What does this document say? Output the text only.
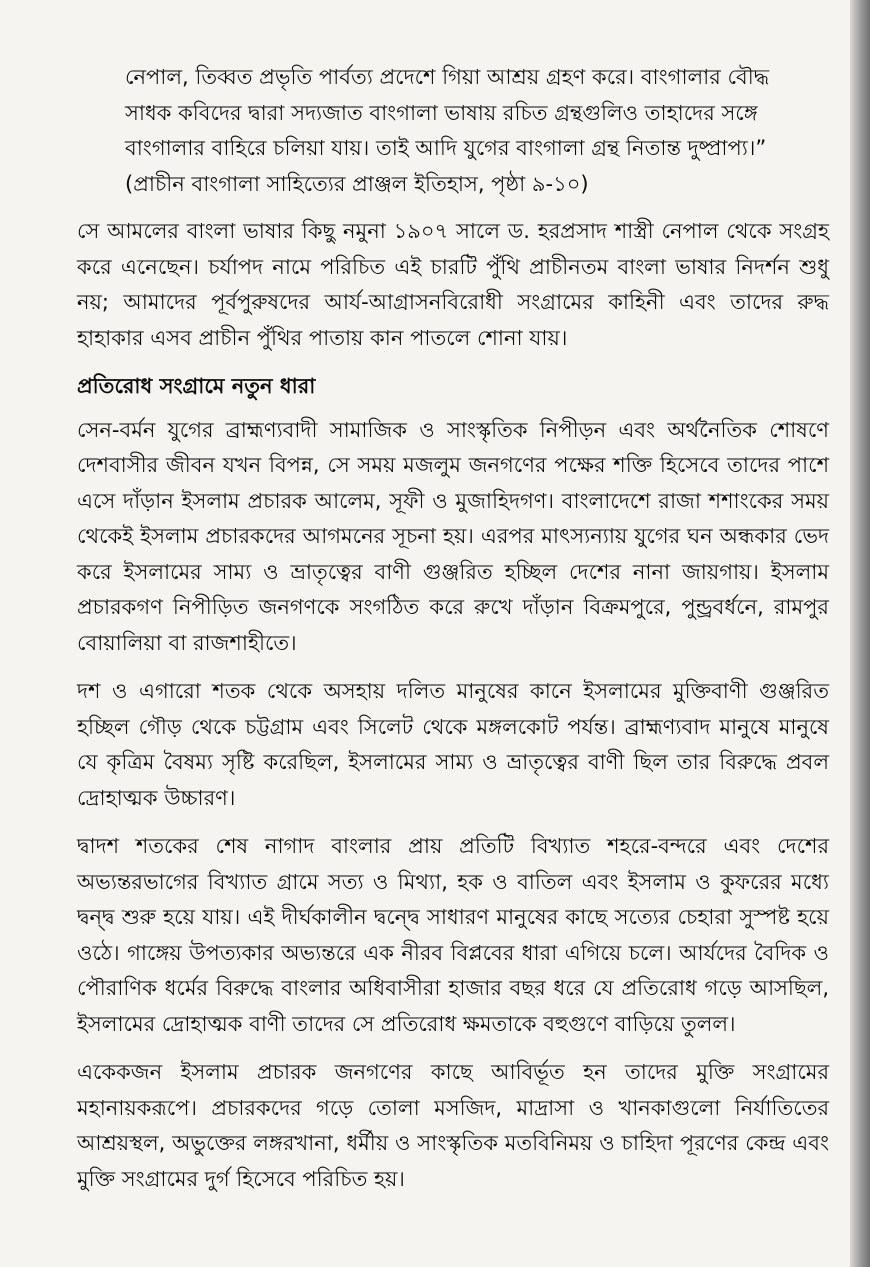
নেপাল, তিব্বত প্রভৃতি পার্বত্য প্রদেশে গিয়া আশ্রয় গ্রহণ করে। বাংগালার বৌদ্ধ
সাধক কবিদের দ্বারা সদ্যজাত বাংগালা ভাষায় রচিত গ্রন্থগুলিও তাহাদের সঙ্গে
বাংগালার বাহিরে চলিয়া যায়। তাই আদি যুগের বাংগালা গ্রন্থ নিতান্ত দুষ্প্রাপ্য।”
(প্রাচীন বাংগালা সাহিত্যের প্রাঞ্জল ইতিহাস, পৃষ্ঠা ৯-১০)

সে আমলের বাংলা ভাষার কিছু নমুনা ১৯০৭ সালে ড. হরপ্রসাদ শাস্ত্রী নেপাল থেকে সংগ্রহ করে এনেছেন। চর্যাপদ নামে পরিচিত এই চারটি পুঁথি প্রাচীনতম বাংলা ভাষার নিদর্শন শুধু নয়; আমাদের পূর্বপুরুষদের আর্য-আগ্রাসনবিরোধী সংগ্রামের কাহিনী এবং তাদের রুদ্ধ হাহাকার এসব প্রাচীন পুঁথির পাতায় কান পাতলে শোনা যায়।

প্রতিরোধ সংগ্রামে নতুন ধারা

সেন-বর্মন যুগের ব্রাহ্মণ্যবাদী সামাজিক ও সাংস্কৃতিক নিপীড়ন এবং অর্থনৈতিক শোষণে দেশবাসীর জীবন যখন বিপন্ন, সে সময় মজলুম জনগণের পক্ষের শক্তি হিসেবে তাদের পাশে এসে দাঁড়ান ইসলাম প্রচারক আলেম, সূফী ও মুজাহিদগণ। বাংলাদেশে রাজা শশাংকের সময় থেকেই ইসলাম প্রচারকদের আগমনের সূচনা হয়। এরপর মাৎস্যন্যায় যুগের ঘন অন্ধকার ভেদ করে ইসলামের সাম্য ও ভ্রাতৃত্বের বাণী গুঞ্জরিত হচ্ছিল দেশের নানা জায়গায়। ইসলাম প্রচারকগণ নিপীড়িত জনগণকে সংগঠিত করে রুখে দাঁড়ান বিক্রমপুরে, পুন্ড্রবর্ধনে, রামপুর বোয়ালিয়া বা রাজশাহীতে।

দশ ও এগারো শতক থেকে অসহায় দলিত মানুষের কানে ইসলামের মুক্তিবাণী গুঞ্জরিত হচ্ছিল গৌড় থেকে চট্টগ্রাম এবং সিলেট থেকে মঙ্গলকোট পর্যন্ত। ব্রাহ্মণ্যবাদ মানুষে মানুষে যে কৃত্রিম বৈষম্য সৃষ্টি করেছিল, ইসলামের সাম্য ও ভ্রাতৃত্বের বাণী ছিল তার বিরুদ্ধে প্রবল দ্রোহাত্মক উচ্চারণ।

দ্বাদশ শতকের শেষ নাগাদ বাংলার প্রায় প্রতিটি বিখ্যাত শহরে-বন্দরে এবং দেশের অভ্যন্তরভাগের বিখ্যাত গ্রামে সত্য ও মিথ্যা, হক ও বাতিল এবং ইসলাম ও কুফরের মধ্যে দ্বন্দ্ব শুরু হয়ে যায়। এই দীর্ঘকালীন দ্বন্দ্বে সাধারণ মানুষের কাছে সত্যের চেহারা সুস্পষ্ট হয়ে ওঠে। গাঙ্গেয় উপত্যকার অভ্যন্তরে এক নীরব বিপ্লবের ধারা এগিয়ে চলে। আর্যদের বৈদিক ও পৌরাণিক ধর্মের বিরুদ্ধে বাংলার অধিবাসীরা হাজার বছর ধরে যে প্রতিরোধ গড়ে আসছিল, ইসলামের দ্রোহাত্মক বাণী তাদের সে প্রতিরোধ ক্ষমতাকে বহুগুণে বাড়িয়ে তুলল।

একেকজন ইসলাম প্রচারক জনগণের কাছে আবির্ভূত হন তাদের মুক্তি সংগ্রামের মহানায়করূপে। প্রচারকদের গড়ে তোলা মসজিদ, মাদ্রাসা ও খানকাগুলো নির্যাতিতের আশ্রয়স্থল, অভুক্তের লঙ্গরখানা, ধর্মীয় ও সাংস্কৃতিক মতবিনিময় ও চাহিদা পূরণের কেন্দ্র এবং মুক্তি সংগ্রামের দুর্গ হিসেবে পরিচিত হয়।
